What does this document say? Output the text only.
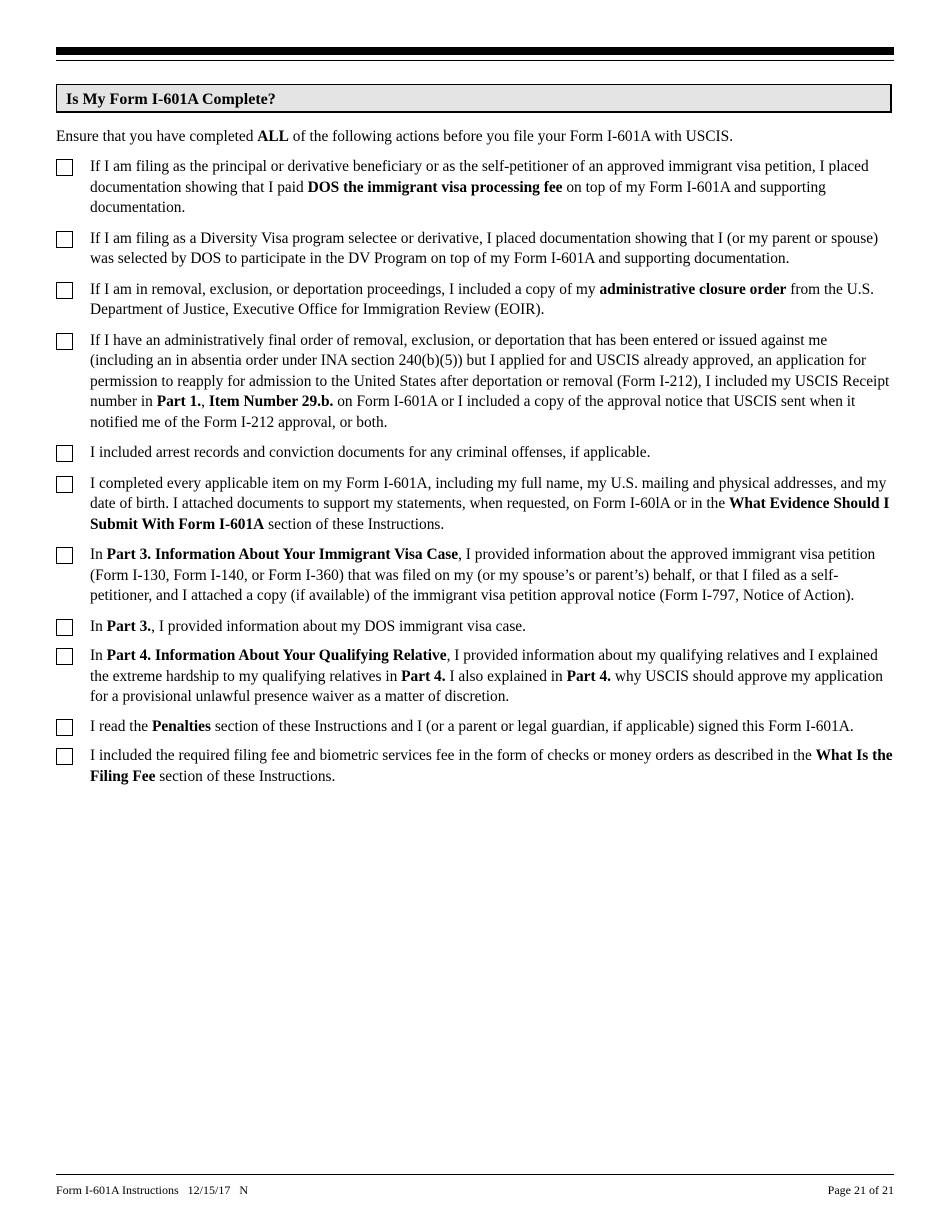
Is My Form I-601A Complete?
Ensure that you have completed ALL of the following actions before you file your Form I-601A with USCIS.
If I am filing as the principal or derivative beneficiary or as the self-petitioner of an approved immigrant visa petition, I placed documentation showing that I paid DOS the immigrant visa processing fee on top of my Form I-601A and supporting documentation.
If I am filing as a Diversity Visa program selectee or derivative, I placed documentation showing that I (or my parent or spouse) was selected by DOS to participate in the DV Program on top of my Form I-601A and supporting documentation.
If I am in removal, exclusion, or deportation proceedings, I included a copy of my administrative closure order from the U.S. Department of Justice, Executive Office for Immigration Review (EOIR).
If I have an administratively final order of removal, exclusion, or deportation that has been entered or issued against me (including an in absentia order under INA section 240(b)(5)) but I applied for and USCIS already approved, an application for permission to reapply for admission to the United States after deportation or removal (Form I-212), I included my USCIS Receipt number in Part 1., Item Number 29.b. on Form I-601A or I included a copy of the approval notice that USCIS sent when it notified me of the Form I-212 approval, or both.
I included arrest records and conviction documents for any criminal offenses, if applicable.
I completed every applicable item on my Form I-601A, including my full name, my U.S. mailing and physical addresses, and my date of birth. I attached documents to support my statements, when requested, on Form I-60lA or in the What Evidence Should I Submit With Form I-601A section of these Instructions.
In Part 3. Information About Your Immigrant Visa Case, I provided information about the approved immigrant visa petition (Form I-130, Form I-140, or Form I-360) that was filed on my (or my spouse’s or parent’s) behalf, or that I filed as a self-petitioner, and I attached a copy (if available) of the immigrant visa petition approval notice (Form I-797, Notice of Action).
In Part 3., I provided information about my DOS immigrant visa case.
In Part 4. Information About Your Qualifying Relative, I provided information about my qualifying relatives and I explained the extreme hardship to my qualifying relatives in Part 4. I also explained in Part 4. why USCIS should approve my application for a provisional unlawful presence waiver as a matter of discretion.
I read the Penalties section of these Instructions and I (or a parent or legal guardian, if applicable) signed this Form I-601A.
I included the required filing fee and biometric services fee in the form of checks or money orders as described in the What Is the Filing Fee section of these Instructions.
Form I-601A Instructions   12/15/17   N	Page 21 of 21
